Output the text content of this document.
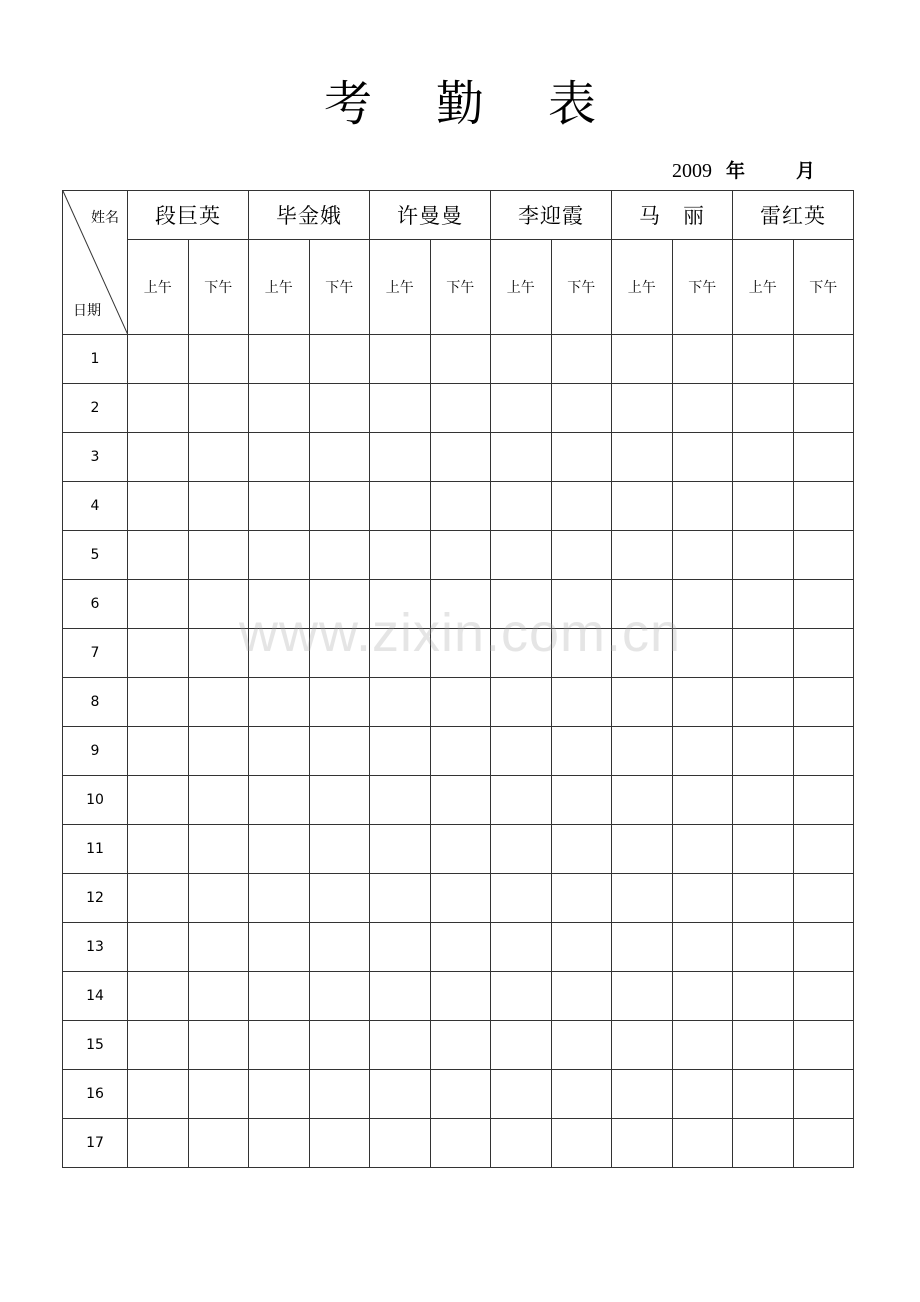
考 勤 表
2009 年	月
姓名
日期	段巨英		毕金娥		许曼曼		李迎霞		马　丽		雷红英	
	上午	下午	上午	下午	上午	下午	上午	下午	上午	下午	上午	下午
1												
2												
3												
4												
5												
6												
7												
8												
9												
10												
11												
12												
13												
14												
15												
16												
17												
www.zixin.com.cn
